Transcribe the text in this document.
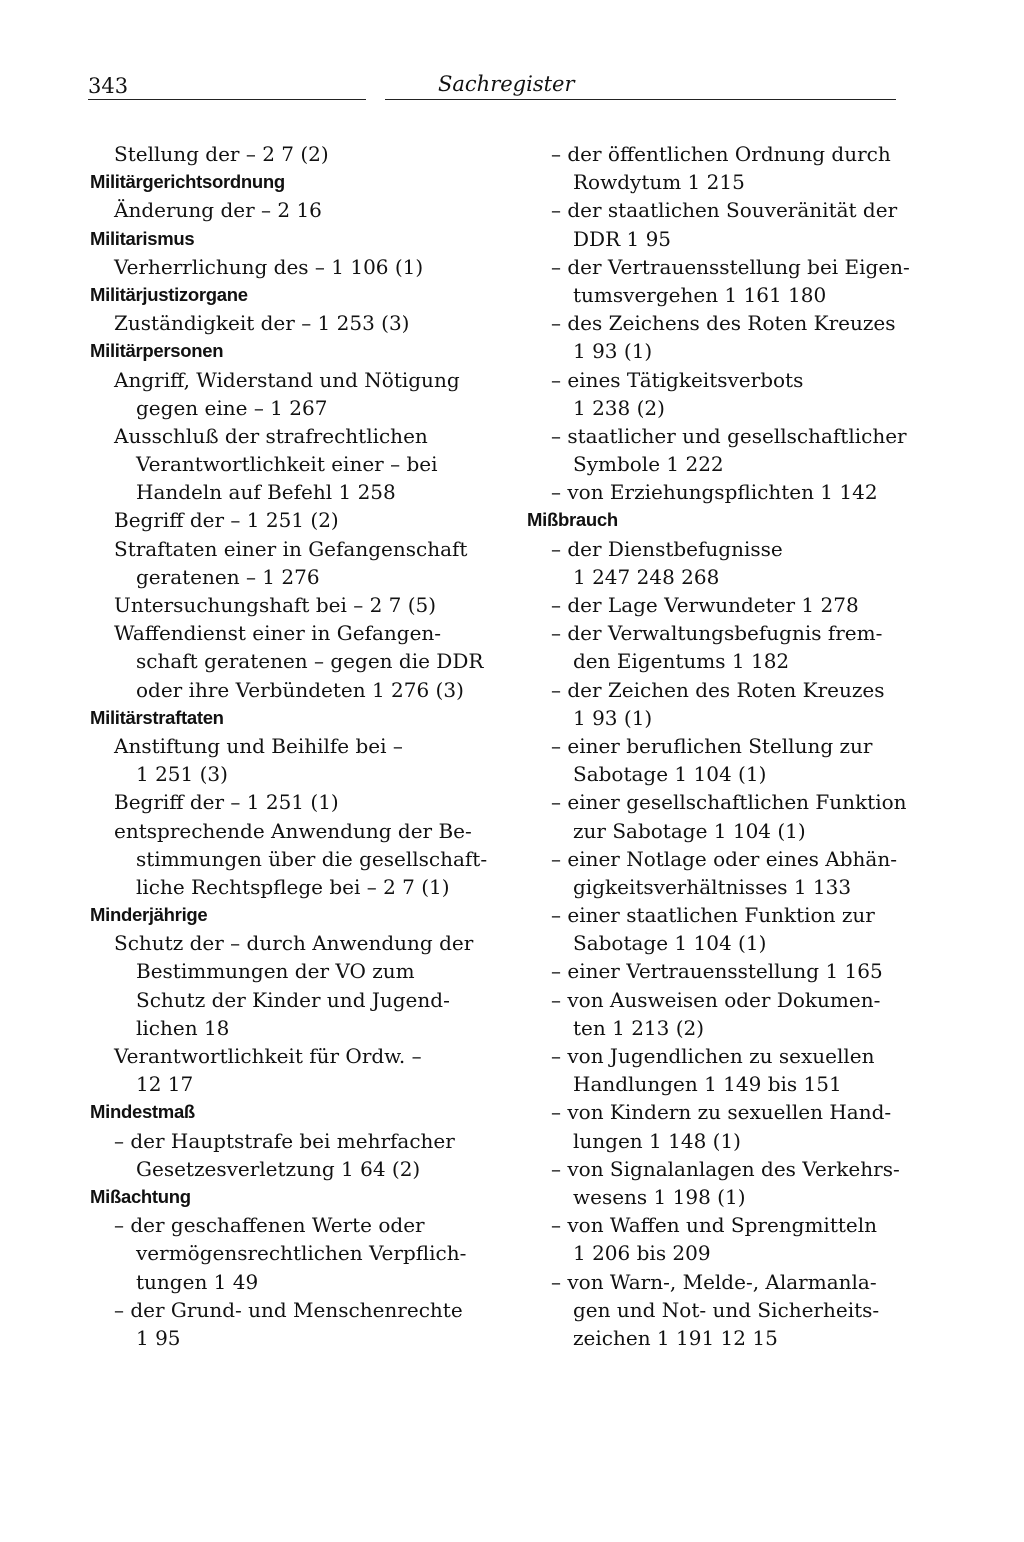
343	Sachregister
Stellung der – 2 7 (2)
Militärgerichtsordnung
Änderung der – 2 16
Militarismus
Verherrlichung des – 1 106 (1)
Militärjustizorgane
Zuständigkeit der – 1 253 (3)
Militärpersonen
Angriff, Widerstand und Nötigung
gegen eine – 1 267
Ausschluß der strafrechtlichen
Verantwortlichkeit einer – bei
Handeln auf Befehl 1 258
Begriff der – 1 251 (2)
Straftaten einer in Gefangenschaft
geratenen – 1 276
Untersuchungshaft bei – 2 7 (5)
Waffendienst einer in Gefangen-
schaft geratenen – gegen die DDR
oder ihre Verbündeten 1 276 (3)
Militärstraftaten
Anstiftung und Beihilfe bei –
1 251 (3)
Begriff der – 1 251 (1)
entsprechende Anwendung der Be-
stimmungen über die gesellschaft-
liche Rechtspflege bei – 2 7 (1)
Minderjährige
Schutz der – durch Anwendung der
Bestimmungen der VO zum
Schutz der Kinder und Jugend-
lichen 18
Verantwortlichkeit für Ordw. –
12 17
Mindestmaß
– der Hauptstrafe bei mehrfacher
Gesetzesverletzung 1 64 (2)
Mißachtung
– der geschaffenen Werte oder
vermögensrechtlichen Verpflich-
tungen 1 49
– der Grund- und Menschenrechte
1 95
– der öffentlichen Ordnung durch
Rowdytum 1 215
– der staatlichen Souveränität der
DDR 1 95
– der Vertrauensstellung bei Eigen-
tumsvergehen 1 161 180
– des Zeichens des Roten Kreuzes
1 93 (1)
– eines Tätigkeitsverbots
1 238 (2)
– staatlicher und gesellschaftlicher
Symbole 1 222
– von Erziehungspflichten 1 142
Mißbrauch
– der Dienstbefugnisse
1 247 248 268
– der Lage Verwundeter 1 278
– der Verwaltungsbefugnis frem-
den Eigentums 1 182
– der Zeichen des Roten Kreuzes
1 93 (1)
– einer beruflichen Stellung zur
Sabotage 1 104 (1)
– einer gesellschaftlichen Funktion
zur Sabotage 1 104 (1)
– einer Notlage oder eines Abhän-
gigkeitsverhältnisses 1 133
– einer staatlichen Funktion zur
Sabotage 1 104 (1)
– einer Vertrauensstellung 1 165
– von Ausweisen oder Dokumen-
ten 1 213 (2)
– von Jugendlichen zu sexuellen
Handlungen 1 149 bis 151
– von Kindern zu sexuellen Hand-
lungen 1 148 (1)
– von Signalanlagen des Verkehrs-
wesens 1 198 (1)
– von Waffen und Sprengmitteln
1 206 bis 209
– von Warn-, Melde-, Alarmanla-
gen und Not- und Sicherheits-
zeichen 1 191 12 15
